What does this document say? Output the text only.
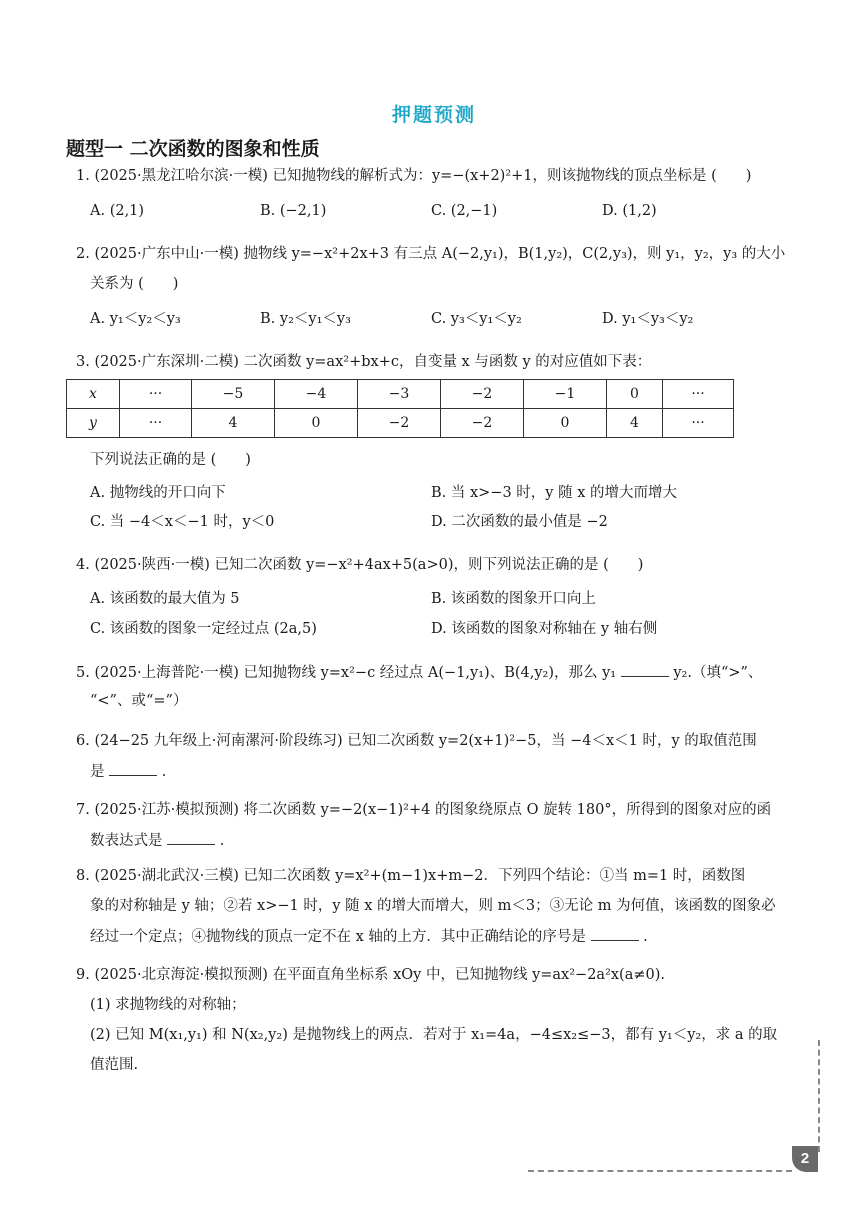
押题预测
题型一 二次函数的图象和性质
1. (2025·黑龙江哈尔滨·一模) 已知抛物线的解析式为：y=−(x+2)²+1，则该抛物线的顶点坐标是 (　　)
A. (2,1)	B. (−2,1)	C. (2,−1)	D. (1,2)
2. (2025·广东中山·一模) 抛物线 y=−x²+2x+3 有三点 A(−2,y₁)，B(1,y₂)，C(2,y₃)，则 y₁，y₂，y₃ 的大小
关系为 (　　)
A. y₁＜y₂＜y₃	B. y₂＜y₁＜y₃	C. y₃＜y₁＜y₂	D. y₁＜y₃＜y₂
3. (2025·广东深圳·二模) 二次函数 y=ax²+bx+c，自变量 x 与函数 y 的对应值如下表：
x	···	−5	−4	−3	−2	−1	0	···
y	···	4	0	−2	−2	0	4	···
下列说法正确的是 (　　)
A. 抛物线的开口向下	B. 当 x>−3 时，y 随 x 的增大而增大
C. 当 −4＜x＜−1 时，y＜0	D. 二次函数的最小值是 −2
4. (2025·陕西·一模) 已知二次函数 y=−x²+4ax+5(a>0)，则下列说法正确的是 (　　)
A. 该函数的最大值为 5	B. 该函数的图象开口向上
C. 该函数的图象一定经过点 (2a,5)	D. 该函数的图象对称轴在 y 轴右侧
5. (2025·上海普陀·一模) 已知抛物线 y=x²−c 经过点 A(−1,y₁)、B(4,y₂)，那么 y₁	y₂.（填“>”、
“<”、或“=”）
6. (24−25 九年级上·河南漯河·阶段练习) 已知二次函数 y=2(x+1)²−5，当 −4＜x＜1 时，y 的取值范围
是	.
7. (2025·江苏·模拟预测) 将二次函数 y=−2(x−1)²+4 的图象绕原点 O 旋转 180°，所得到的图象对应的函
数表达式是	.
8. (2025·湖北武汉·三模) 已知二次函数 y=x²+(m−1)x+m−2．下列四个结论：①当 m=1 时，函数图
象的对称轴是 y 轴；②若 x>−1 时，y 随 x 的增大而增大，则 m＜3；③无论 m 为何值，该函数的图象必
经过一个定点；④抛物线的顶点一定不在 x 轴的上方．其中正确结论的序号是	.
9. (2025·北京海淀·模拟预测) 在平面直角坐标系 xOy 中，已知抛物线 y=ax²−2a²x(a≠0).
(1) 求抛物线的对称轴；
(2) 已知 M(x₁,y₁) 和 N(x₂,y₂) 是抛物线上的两点．若对于 x₁=4a，−4≤x₂≤−3，都有 y₁＜y₂，求 a 的取
值范围.
2
